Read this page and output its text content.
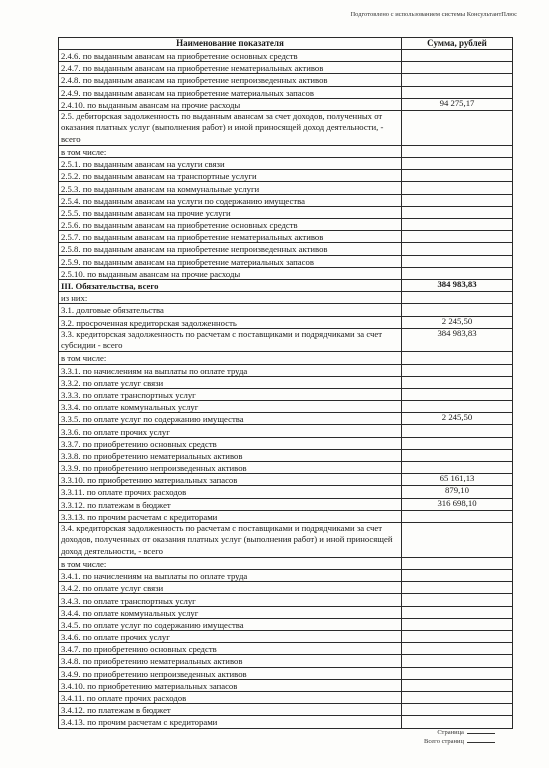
Подготовлено с использованием системы КонсультантПлюс
Наименование показателя	Сумма, рублей
2.4.6. по выданным авансам на приобретение основных средств	
2.4.7. по выданным авансам на приобретение нематериальных активов	
2.4.8. по выданным авансам на приобретение непроизведенных активов	
2.4.9. по выданным авансам на приобретение материальных запасов	
2.4.10. по выданным авансам на прочие расходы	94 275,17
2.5. дебиторская задолженность по выданным авансам за счет доходов, полученных от оказания платных услуг (выполнения работ) и иной приносящей доход деятельности, - всего	
в том числе:	
2.5.1. по выданным авансам на услуги связи	
2.5.2. по выданным авансам на транспортные услуги	
2.5.3. по выданным авансам на коммунальные услуги	
2.5.4. по выданным авансам на услуги по содержанию имущества	
2.5.5. по выданным авансам на прочие услуги	
2.5.6. по выданным авансам на приобретение основных средств	
2.5.7. по выданным авансам на приобретение нематериальных активов	
2.5.8. по выданным авансам на приобретение непроизведенных активов	
2.5.9. по выданным авансам на приобретение материальных запасов	
2.5.10. по выданным авансам на прочие расходы	
III. Обязательства, всего	384 983,83
из них:	
3.1. долговые обязательства	
3.2. просроченная кредиторская задолженность	2 245,50
3.3. кредиторская задолженность по расчетам с поставщиками и подрядчиками за счет субсидии - всего	384 983,83
в том числе:	
3.3.1. по начислениям на выплаты по оплате труда	
3.3.2. по оплате услуг связи	
3.3.3. по оплате транспортных услуг	
3.3.4. по оплате коммунальных услуг	
3.3.5. по оплате услуг по содержанию имущества	2 245,50
3.3.6. по оплате прочих услуг	
3.3.7. по приобретению основных средств	
3.3.8. по приобретению нематериальных активов	
3.3.9. по приобретению непроизведенных активов	
3.3.10. по приобретению материальных запасов	65 161,13
3.3.11. по оплате прочих расходов	879,10
3.3.12. по платежам в бюджет	316 698,10
3.3.13. по прочим расчетам с кредиторами	
3.4. кредиторская задолженность по расчетам с поставщиками и подрядчиками за счет доходов, полученных от оказания платных услуг (выполнения работ) и иной приносящей доход деятельности, - всего	
в том числе:	
3.4.1. по начислениям на выплаты по оплате труда	
3.4.2. по оплате услуг связи	
3.4.3. по оплате транспортных услуг	
3.4.4. по оплате коммунальных услуг	
3.4.5. по оплате услуг по содержанию имущества	
3.4.6. по оплате прочих услуг	
3.4.7. по приобретению основных средств	
3.4.8. по приобретению нематериальных активов	
3.4.9. по приобретению непроизведенных активов	
3.4.10. по приобретению материальных запасов	
3.4.11. по оплате прочих расходов	
3.4.12. по платежам в бюджет	
3.4.13. по прочим расчетам с кредиторами	
Страница
Всего страниц
